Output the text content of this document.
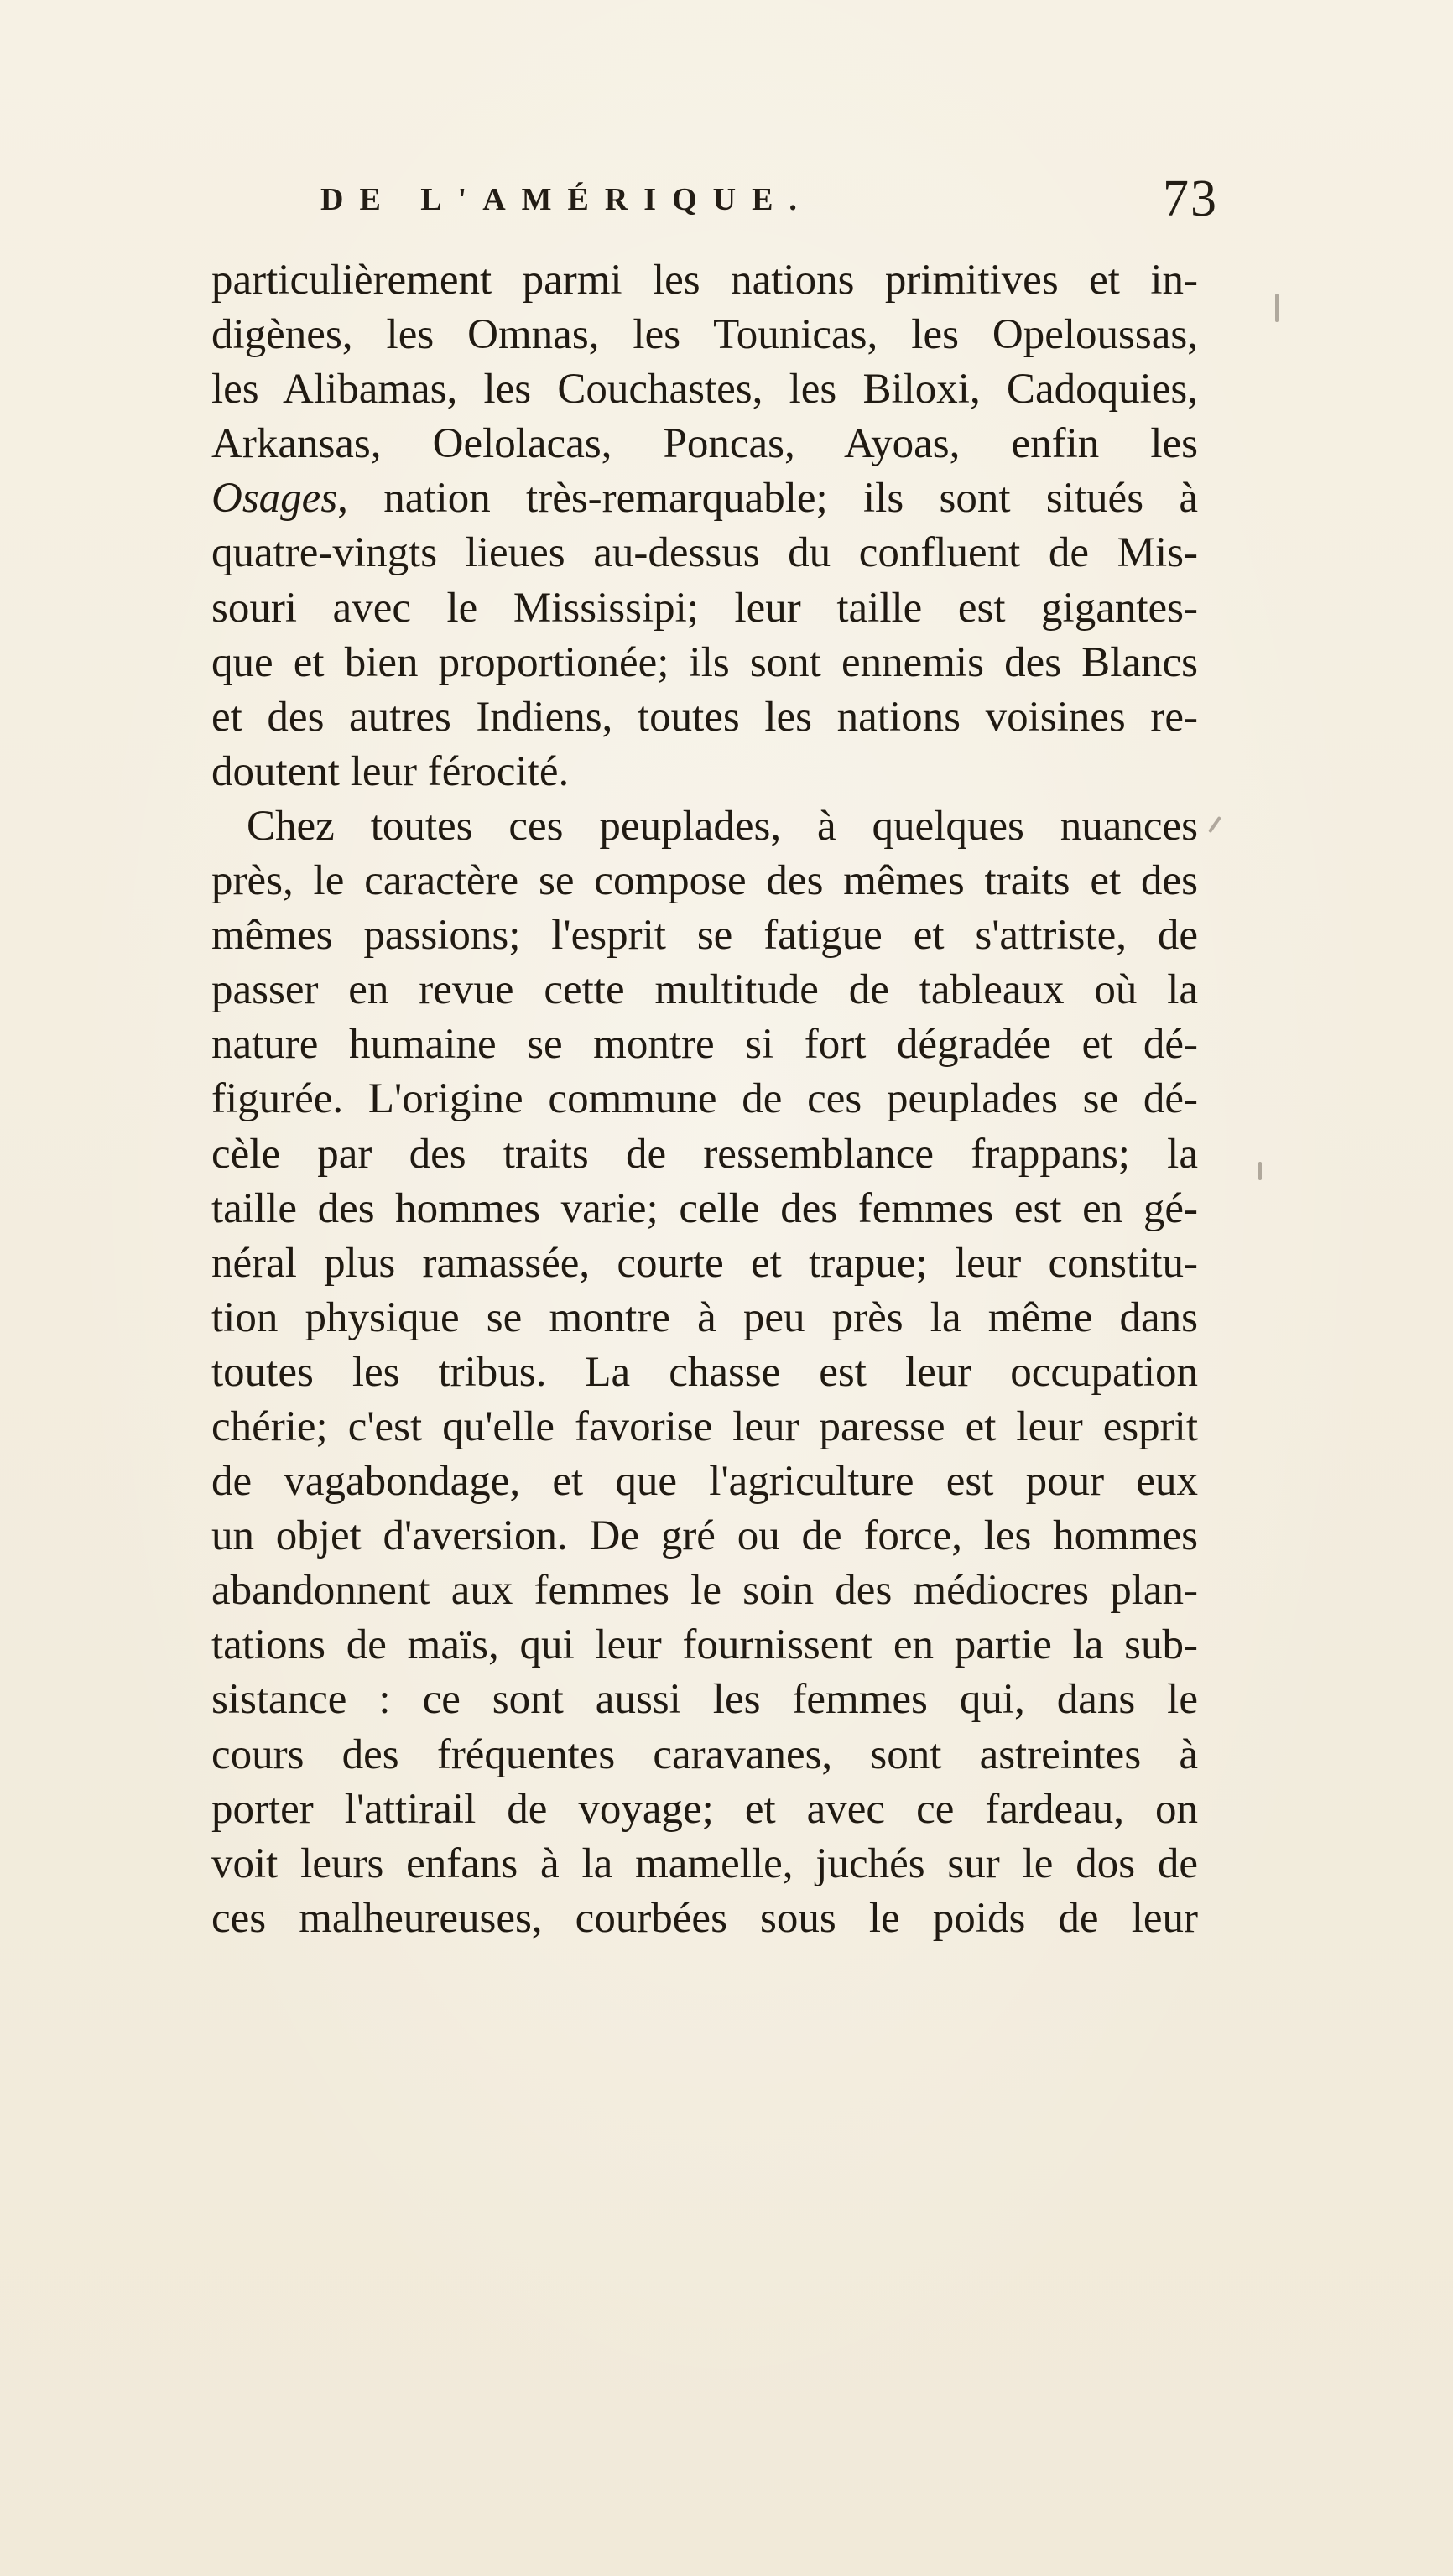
DE L'AMÉRIQUE.	73
particulièrement parmi les nations primitives et in-
digènes, les Omnas, les Tounicas, les Opeloussas,
les Alibamas, les Couchastes, les Biloxi, Cadoquies,
Arkansas, Oelolacas, Poncas, Ayoas, enfin les
Osages, nation très-remarquable; ils sont situés à
quatre-vingts lieues au-dessus du confluent de Mis-
souri avec le Mississipi; leur taille est gigantes-
que et bien proportionée; ils sont ennemis des Blancs
et des autres Indiens, toutes les nations voisines re-
doutent leur férocité.
Chez toutes ces peuplades, à quelques nuances
près, le caractère se compose des mêmes traits et des
mêmes passions; l'esprit se fatigue et s'attriste, de
passer en revue cette multitude de tableaux où la
nature humaine se montre si fort dégradée et dé-
figurée. L'origine commune de ces peuplades se dé-
cèle par des traits de ressemblance frappans; la
taille des hommes varie; celle des femmes est en gé-
néral plus ramassée, courte et trapue; leur constitu-
tion physique se montre à peu près la même dans
toutes les tribus. La chasse est leur occupation
chérie; c'est qu'elle favorise leur paresse et leur esprit
de vagabondage, et que l'agriculture est pour eux
un objet d'aversion. De gré ou de force, les hommes
abandonnent aux femmes le soin des médiocres plan-
tations de maïs, qui leur fournissent en partie la sub-
sistance : ce sont aussi les femmes qui, dans le
cours des fréquentes caravanes, sont astreintes à
porter l'attirail de voyage; et avec ce fardeau, on
voit leurs enfans à la mamelle, juchés sur le dos de
ces malheureuses, courbées sous le poids de leur
